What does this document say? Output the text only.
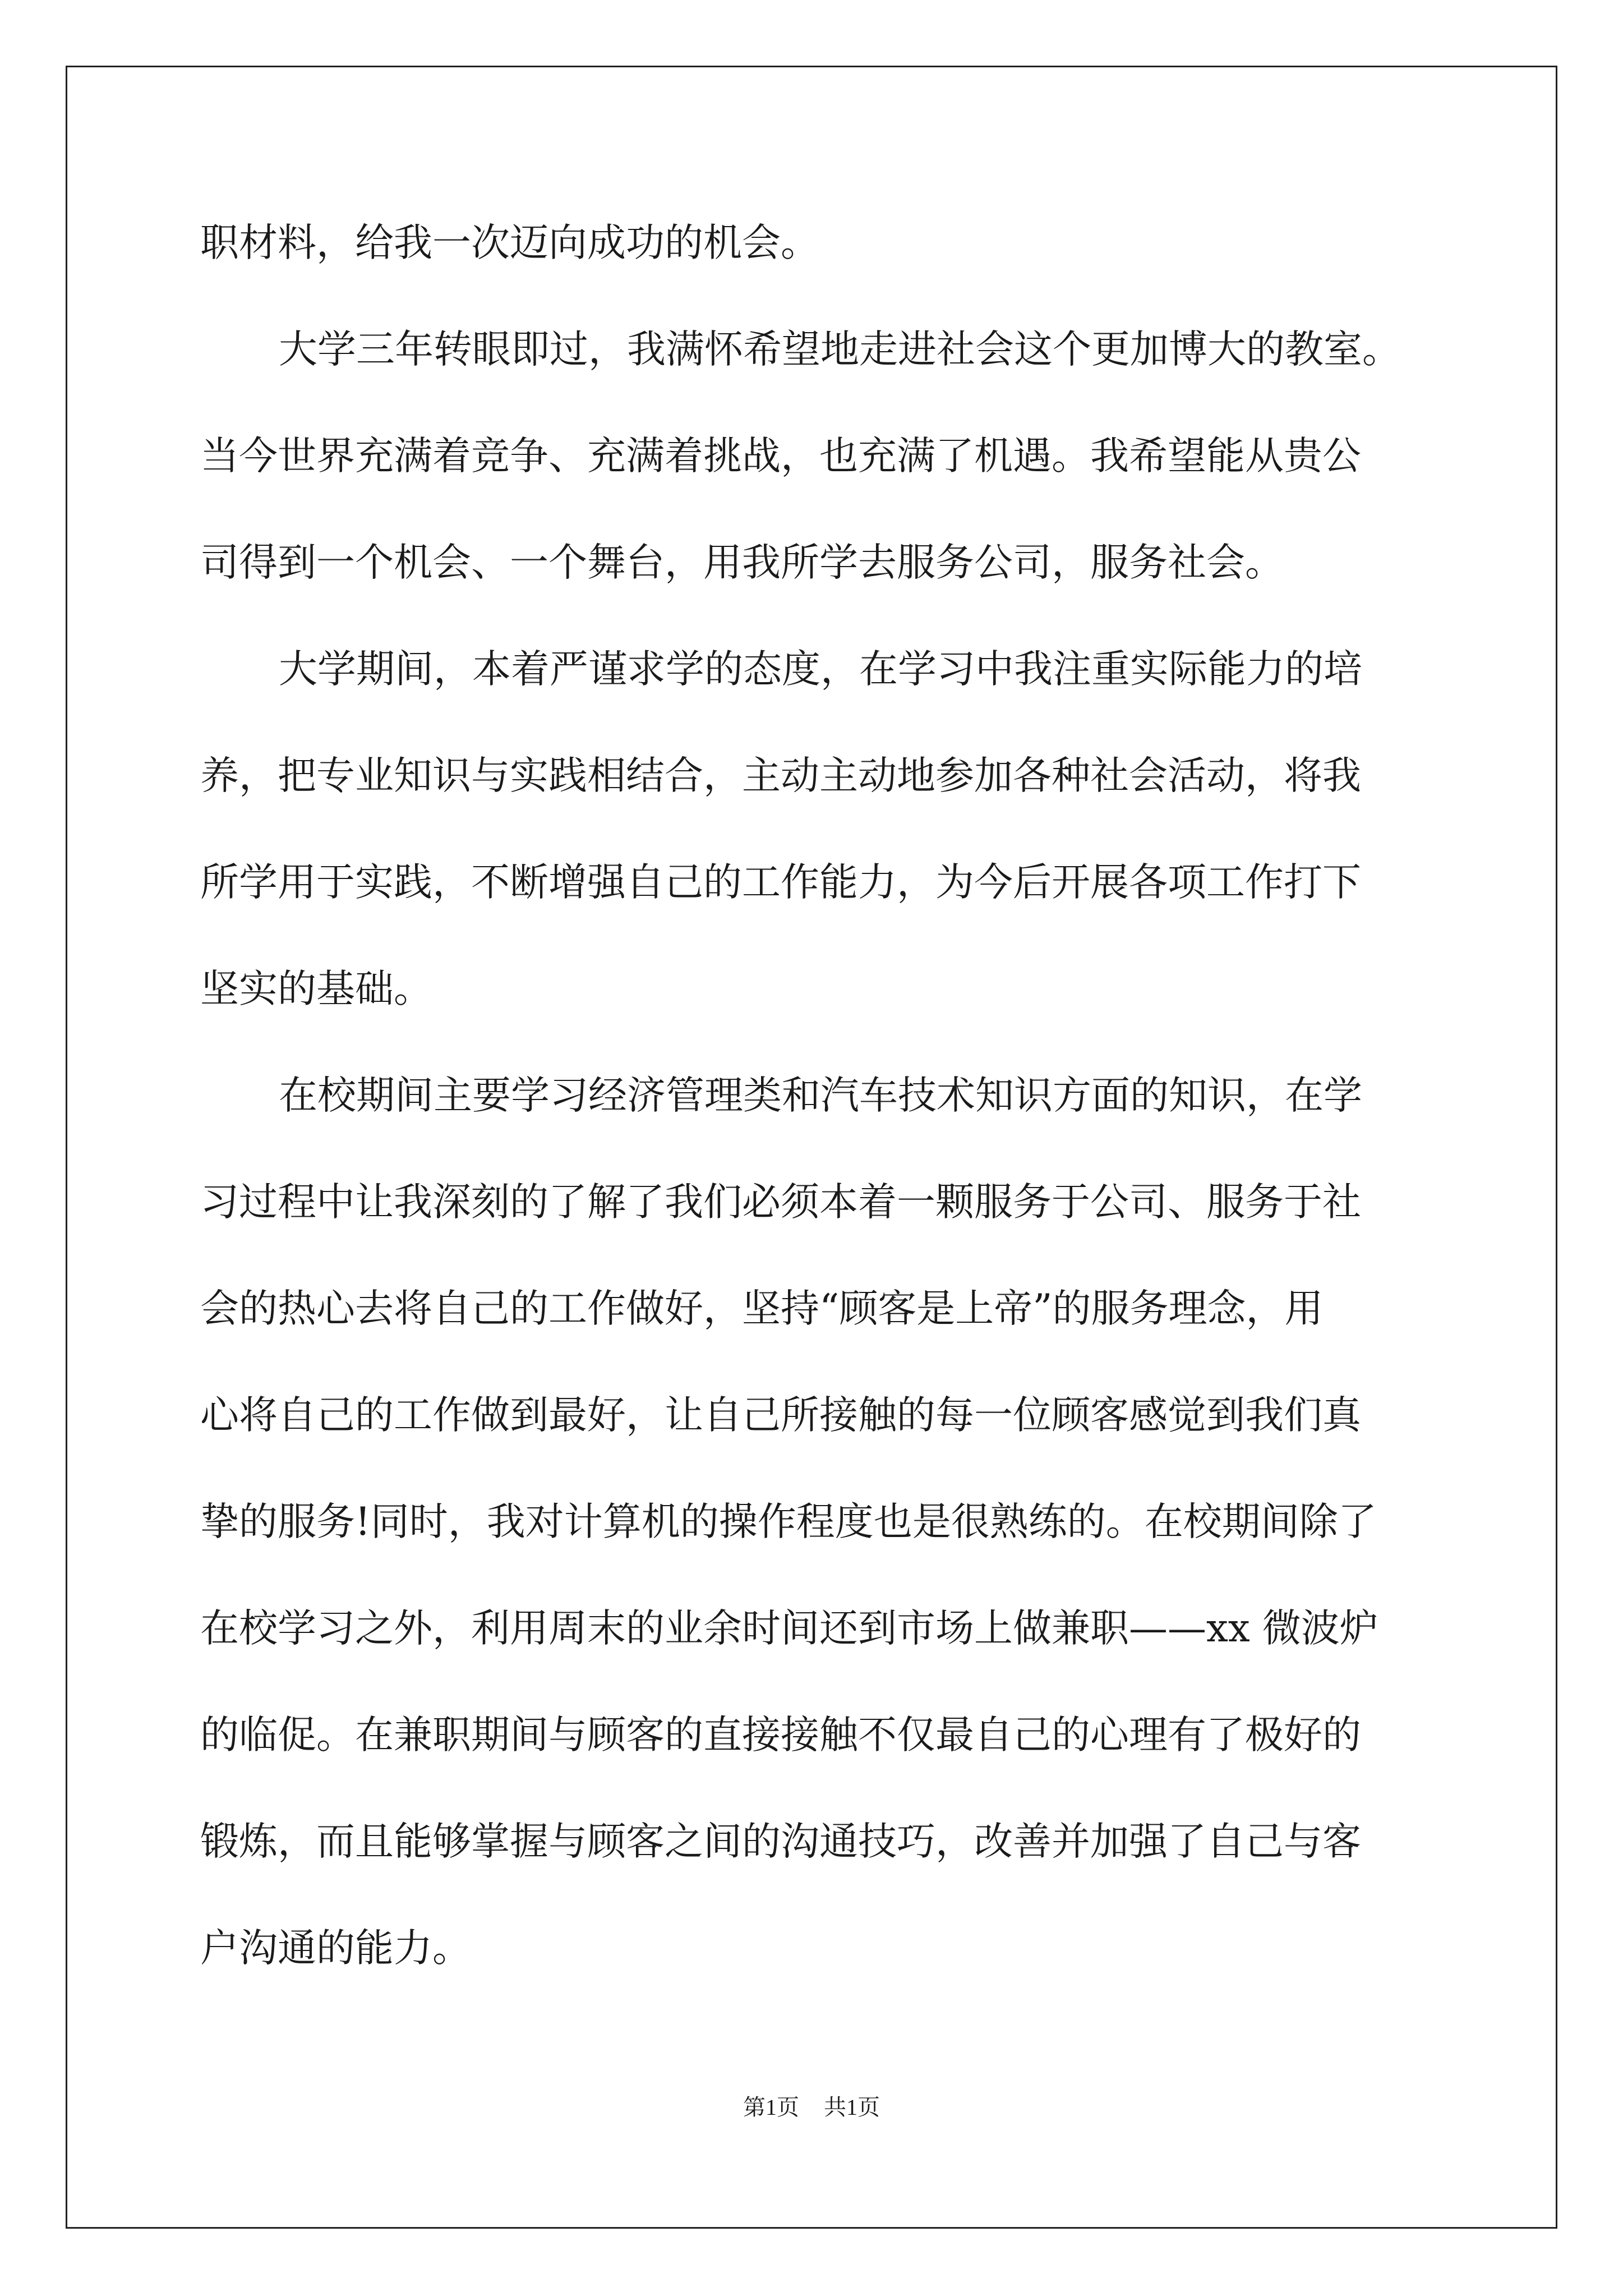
职材料，给我一次迈向成功的机会。
大学三年转眼即过，我满怀希望地走进社会这个更加博大的教室。
当今世界充满着竞争、充满着挑战，也充满了机遇。我希望能从贵公
司得到一个机会、一个舞台，用我所学去服务公司，服务社会。
大学期间，本着严谨求学的态度，在学习中我注重实际能力的培
养，把专业知识与实践相结合，主动主动地参加各种社会活动，将我
所学用于实践，不断增强自己的工作能力，为今后开展各项工作打下
坚实的基础。
在校期间主要学习经济管理类和汽车技术知识方面的知识，在学
习过程中让我深刻的了解了我们必须本着一颗服务于公司、服务于社
会的热心去将自己的工作做好，坚持“顾客是上帝”的服务理念，用
心将自己的工作做到最好，让自己所接触的每一位顾客感觉到我们真
挚的服务!同时，我对计算机的操作程度也是很熟练的。在校期间除了
在校学习之外，利用周末的业余时间还到市场上做兼职——xx 微波炉
的临促。在兼职期间与顾客的直接接触不仅最自己的心理有了极好的
锻炼，而且能够掌握与顾客之间的沟通技巧，改善并加强了自己与客
户沟通的能力。
第1页 共1页
